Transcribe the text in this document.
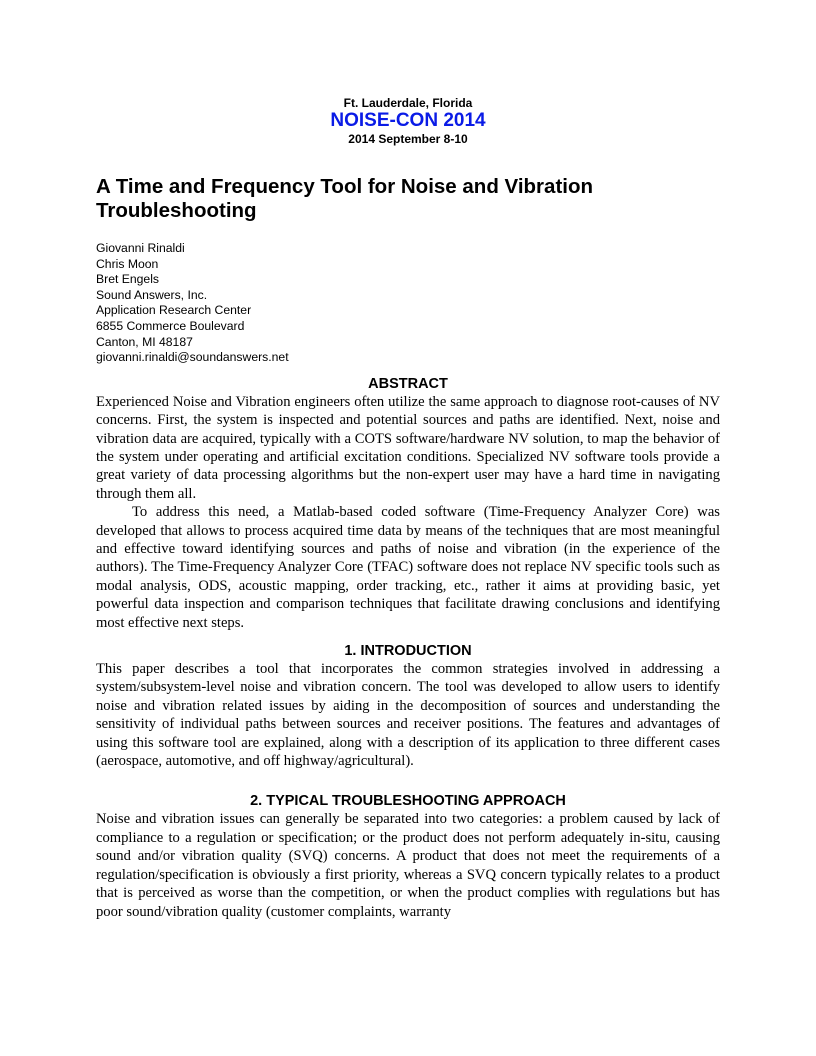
Ft. Lauderdale, Florida
NOISE-CON 2014
2014 September 8-10
A Time and Frequency Tool for Noise and Vibration
Troubleshooting
Giovanni Rinaldi
Chris Moon
Bret Engels
Sound Answers, Inc.
Application Research Center
6855 Commerce Boulevard
Canton, MI 48187
giovanni.rinaldi@soundanswers.net
ABSTRACT

Experienced Noise and Vibration engineers often utilize the same approach to diagnose root-causes of NV concerns. First, the system is inspected and potential sources and paths are identified. Next, noise and vibration data are acquired, typically with a COTS software/hardware NV solution, to map the behavior of the system under operating and artificial excitation conditions. Specialized NV software tools provide a great variety of data processing algorithms but the non-expert user may have a hard time in navigating through them all.

To address this need, a Matlab-based coded software (Time-Frequency Analyzer Core) was developed that allows to process acquired time data by means of the techniques that are most meaningful and effective toward identifying sources and paths of noise and vibration (in the experience of the authors). The Time-Frequency Analyzer Core (TFAC) software does not replace NV specific tools such as modal analysis, ODS, acoustic mapping, order tracking, etc., rather it aims at providing basic, yet powerful data inspection and comparison techniques that facilitate drawing conclusions and identifying most effective next steps.

1. INTRODUCTION

This paper describes a tool that incorporates the common strategies involved in addressing a system/subsystem-level noise and vibration concern. The tool was developed to allow users to identify noise and vibration related issues by aiding in the decomposition of sources and understanding the sensitivity of individual paths between sources and receiver positions. The features and advantages of using this software tool are explained, along with a description of its application to three different cases (aerospace, automotive, and off highway/agricultural).

2. TYPICAL TROUBLESHOOTING APPROACH

Noise and vibration issues can generally be separated into two categories: a problem caused by lack of compliance to a regulation or specification; or the product does not perform adequately in-situ, causing sound and/or vibration quality (SVQ) concerns. A product that does not meet the requirements of a regulation/specification is obviously a first priority, whereas a SVQ concern typically relates to a product that is perceived as worse than the competition, or when the product complies with regulations but has poor sound/vibration quality (customer complaints, warranty
